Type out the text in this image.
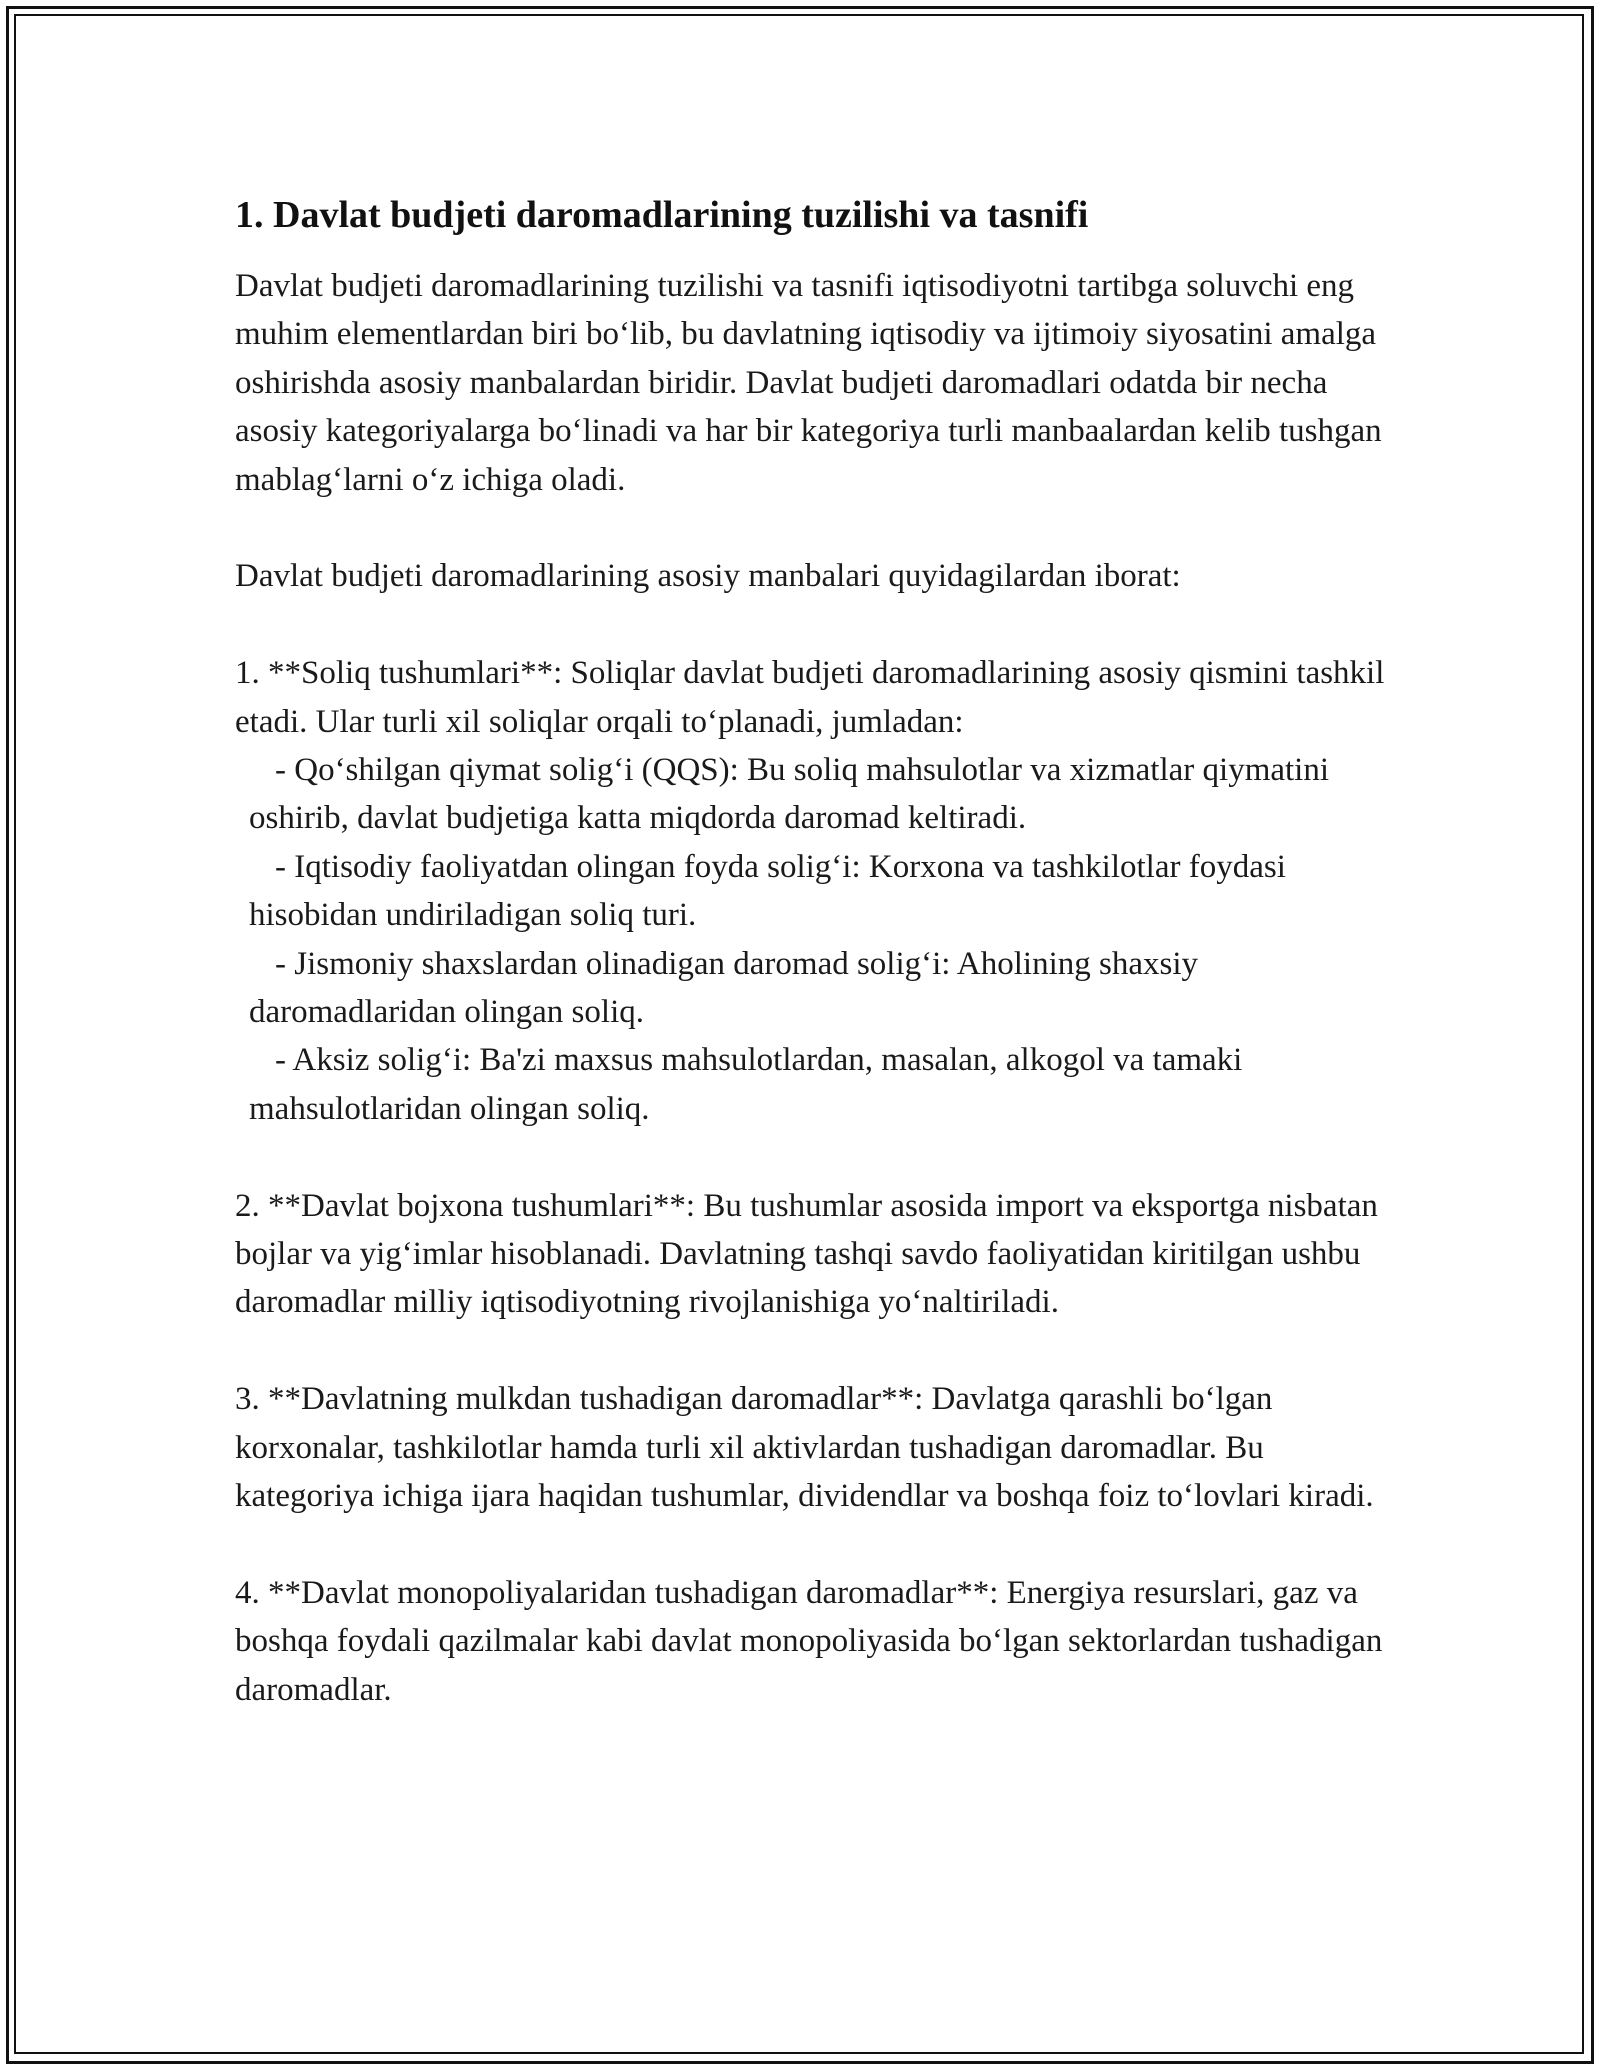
1. Davlat budjeti daromadlarining tuzilishi va tasnifi

Davlat budjeti daromadlarining tuzilishi va tasnifi iqtisodiyotni tartibga soluvchi eng muhim elementlardan biri bo‘lib, bu davlatning iqtisodiy va ijtimoiy siyosatini amalga oshirishda asosiy manbalardan biridir. Davlat budjeti daromadlari odatda bir necha asosiy kategoriyalarga bo‘linadi va har bir kategoriya turli manbaalardan kelib tushgan mablag‘larni o‘z ichiga oladi.

Davlat budjeti daromadlarining asosiy manbalari quyidagilardan iborat:

1. **Soliq tushumlari**: Soliqlar davlat budjeti daromadlarining asosiy qismini tashkil etadi. Ular turli xil soliqlar orqali to‘planadi, jumladan:

- Qo‘shilgan qiymat solig‘i (QQS): Bu soliq mahsulotlar va xizmatlar qiymatini oshirib, davlat budjetiga katta miqdorda daromad keltiradi.

- Iqtisodiy faoliyatdan olingan foyda solig‘i: Korxona va tashkilotlar foydasi hisobidan undiriladigan soliq turi.

- Jismoniy shaxslardan olinadigan daromad solig‘i: Aholining shaxsiy daromadlaridan olingan soliq.

- Aksiz solig‘i: Ba'zi maxsus mahsulotlardan, masalan, alkogol va tamaki mahsulotlaridan olingan soliq.

2. **Davlat bojxona tushumlari**: Bu tushumlar asosida import va eksportga nisbatan bojlar va yig‘imlar hisoblanadi. Davlatning tashqi savdo faoliyatidan kiritilgan ushbu daromadlar milliy iqtisodiyotning rivojlanishiga yo‘naltiriladi.

3. **Davlatning mulkdan tushadigan daromadlar**: Davlatga qarashli bo‘lgan korxonalar, tashkilotlar hamda turli xil aktivlardan tushadigan daromadlar. Bu kategoriya ichiga ijara haqidan tushumlar, dividendlar va boshqa foiz to‘lovlari kiradi.

4. **Davlat monopoliyalaridan tushadigan daromadlar**: Energiya resurslari, gaz va boshqa foydali qazilmalar kabi davlat monopoliyasida bo‘lgan sektorlardan tushadigan daromadlar.
